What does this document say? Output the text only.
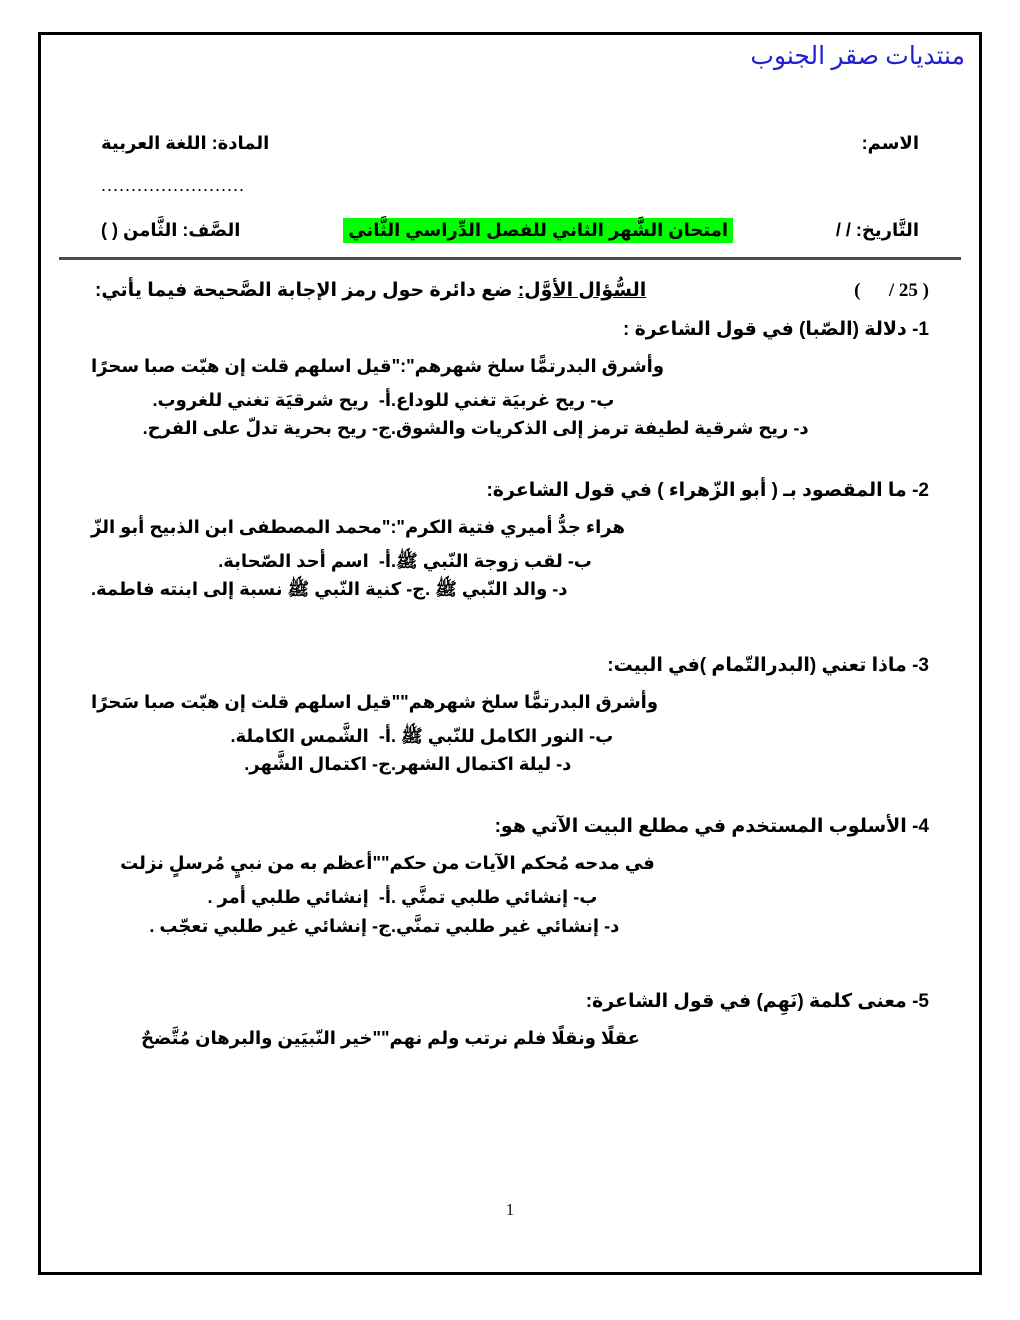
منتديات صقر الجنوب
المادة: اللغة العربية	الاسم:
........................
الصَّف: الثَّامن ( )	امتحان الشَّهر الثاني للفصل الدِّراسي الثَّاني	التَّاريخ: / /
السُّؤال الأوَّل: ضع دائرة حول رمز الإجابة الصَّحيحة فيما يأتي:	(      / 25 )
1- دلالة (الصّبا) في قول الشاعرة :
"قيل اسلهم قلت إن هبّت صبا سحرًا وأشرق البدرتمًّا سلخ شهرهم":
أ-  ريح شرقيَة تغني للغروب.	ب- ريح غربيَة تغني للوداع.
ج- ريح بحرية تدلّ على الفرح.	د- ريح شرقية لطيفة ترمز إلى الذكريات والشوق.
2- ما المقصود بـ ( أبو الزّهراء ) في قول الشاعرة:
"محمد المصطفى ابن الذبيح أبو الزّ هراء جدُّ أميري فتية الكرم":
أ-  اسم أحد الصّحابة.	ب- لقب زوجة النّبي ﷺ.
ج- كنية النّبي ﷺ نسبة إلى ابنته فاطمة.	د- والد النّبي ﷺ .
3- ماذا تعني (البدرالتّمام )في البيت:
"قيل اسلهم قلت إن هبّت صبا سَحرًا وأشرق البدرتمًّا سلخ شهرهم"
أ-  الشَّمس الكاملة.	ب- النور الكامل للنّبي ﷺ .
ج- اكتمال الشَّهر.	د- ليلة اكتمال الشهر.
4- الأسلوب المستخدم في مطلع البيت الآتي هو:
"أعظم به من نبيٍ مُرسلٍ نزلت في مدحه مُحكم الآيات من حكم"
أ-  إنشائي طلبي أمر .	ب- إنشائي طلبي تمنَّي .
ج- إنشائي غير طلبي تعجّب .	د- إنشائي غير طلبي تمنَّي.
5- معنى كلمة (نَهِم) في قول الشاعرة:
"خير النّبيَين والبرهان مُتَّضحٌ عقلًا ونقلًا فلم نرتب ولم نهم"
1
